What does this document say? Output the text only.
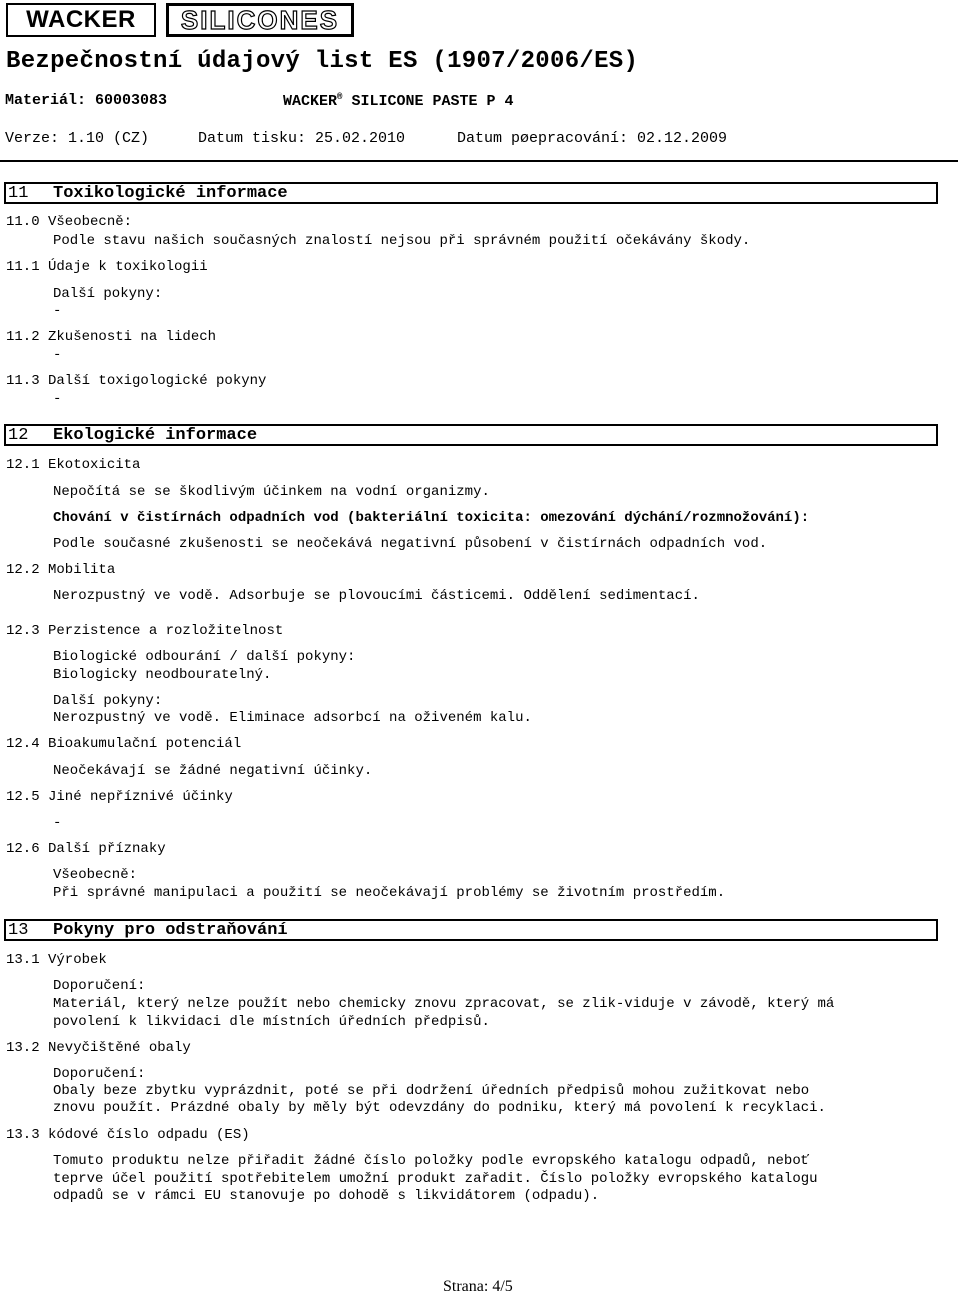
WACKER	SILICONES
Bezpečnostní údajový list ES (1907/2006/ES)
Materiál: 60003083	WACKER® SILICONE PASTE P 4
Verze: 1.10 (CZ)	Datum tisku: 25.02.2010	Datum pøepracování: 02.12.2009
11 Toxikologické informace
11.0 Všeobecně:
Podle stavu našich současných znalostí nejsou při správném použití očekávány škody.
11.1 Údaje k toxikologii
Další pokyny:
-
11.2 Zkušenosti na lidech
-
11.3 Další toxigologické pokyny
-
12 Ekologické informace
12.1 Ekotoxicita
Nepočítá se se škodlivým účinkem na vodní organizmy.
Chování v čistírnách odpadních vod (bakteriální toxicita: omezování dýchání/rozmnožování):
Podle současné zkušenosti se neočekává negativní působení v čistírnách odpadních vod.
12.2 Mobilita
Nerozpustný ve vodě. Adsorbuje se plovoucími částicemi. Oddělení sedimentací.
12.3 Perzistence a rozložitelnost
Biologické odbourání / další pokyny:
Biologicky neodbouratelný.
Další pokyny:
Nerozpustný ve vodě. Eliminace adsorbcí na oživeném kalu.
12.4 Bioakumulační potenciál
Neočekávají se žádné negativní účinky.
12.5 Jiné nepříznivé účinky
-
12.6 Další příznaky
Všeobecně:
Při správné manipulaci a použití se neočekávají problémy se životním prostředím.
13 Pokyny pro odstraňování
13.1 Výrobek
Doporučení:
Materiál, který nelze použít nebo chemicky znovu zpracovat, se zlik-viduje v závodě, který má
povolení k likvidaci dle místních úředních předpisů.
13.2 Nevyčištěné obaly
Doporučení:
Obaly beze zbytku vyprázdnit, poté se při dodržení úředních předpisů mohou zužitkovat nebo
znovu použít. Prázdné obaly by měly být odevzdány do podniku, který má povolení k recyklaci.
13.3 kódové číslo odpadu (ES)
Tomuto produktu nelze přiřadit žádné číslo položky podle evropského katalogu odpadů, neboť
teprve účel použití spotřebitelem umožní produkt zařadit. Číslo položky evropského katalogu
odpadů se v rámci EU stanovuje po dohodě s likvidátorem (odpadu).
Strana: 4/5
